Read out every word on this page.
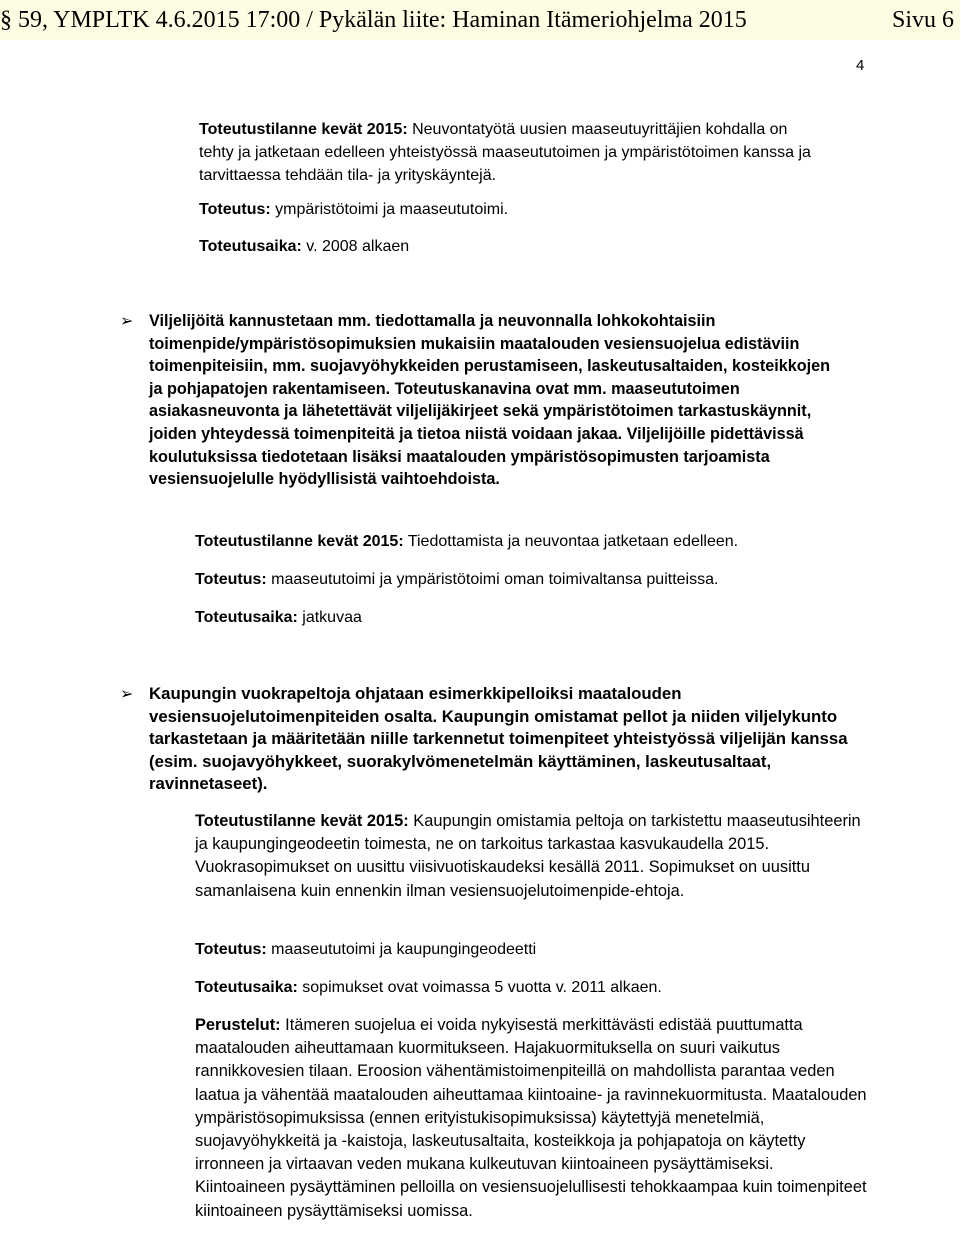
§ 59, YMPLTK 4.6.2015 17:00 / Pykälän liite: Haminan Itämeriohjelma 2015	Sivu 6
4

Toteutustilanne kevät 2015: Neuvontatyötä uusien maaseutuyrittäjien kohdalla on tehty ja jatketaan edelleen yhteistyössä maaseututoimen ja ympäristötoimen kanssa ja tarvittaessa tehdään tila- ja yrityskäyntejä.

Toteutus: ympäristötoimi ja maaseututoimi.

Toteutusaika: v. 2008 alkaen

➢ Viljelijöitä kannustetaan mm. tiedottamalla ja neuvonnalla lohkokohtaisiin toimenpide/ympäristösopimuksien mukaisiin maatalouden vesiensuojelua edistäviin toimenpiteisiin, mm. suojavyöhykkeiden perustamiseen, laskeutusaltaiden, kosteikkojen ja pohjapatojen rakentamiseen. Toteutuskanavina ovat mm. maaseututoimen asiakasneuvonta ja lähetettävät viljelijäkirjeet sekä ympäristötoimen tarkastuskäynnit, joiden yhteydessä toimenpiteitä ja tietoa niistä voidaan jakaa. Viljelijöille pidettävissä koulutuksissa tiedotetaan lisäksi maatalouden ympäristösopimusten tarjoamista vesiensuojelulle hyödyllisistä vaihtoehdoista.

Toteutustilanne kevät 2015: Tiedottamista ja neuvontaa jatketaan edelleen.

Toteutus: maaseututoimi ja ympäristötoimi oman toimivaltansa puitteissa.

Toteutusaika: jatkuvaa

➢ Kaupungin vuokrapeltoja ohjataan esimerkkipelloiksi maatalouden vesiensuojelutoimenpiteiden osalta. Kaupungin omistamat pellot ja niiden viljelykunto tarkastetaan ja määritetään niille tarkennetut toimenpiteet yhteistyössä viljelijän kanssa (esim. suojavyöhykkeet, suorakylvömenetelmän käyttäminen, laskeutusaltaat, ravinnetaseet).

Toteutustilanne kevät 2015: Kaupungin omistamia peltoja on tarkistettu maaseutusihteerin ja kaupungingeodeetin toimesta, ne on tarkoitus tarkastaa kasvukaudella 2015. Vuokrasopimukset on uusittu viisivuotiskaudeksi kesällä 2011. Sopimukset on uusittu samanlaisena kuin ennenkin ilman vesiensuojelutoimenpide-ehtoja.

Toteutus: maaseututoimi ja kaupungingeodeetti

Toteutusaika: sopimukset ovat voimassa 5 vuotta v. 2011 alkaen.

Perustelut: Itämeren suojelua ei voida nykyisestä merkittävästi edistää puuttumatta maatalouden aiheuttamaan kuormitukseen. Hajakuormituksella on suuri vaikutus rannikkovesien tilaan. Eroosion vähentämistoimenpiteillä on mahdollista parantaa veden laatua ja vähentää maatalouden aiheuttamaa kiintoaine- ja ravinnekuormitusta. Maatalouden ympäristösopimuksissa (ennen erityistukisopimuksissa) käytettyjä menetelmiä, suojavyöhykkeitä ja -kaistoja, laskeutusaltaita, kosteikkoja ja pohjapatoja on käytetty irronneen ja virtaavan veden mukana kulkeutuvan kiintoaineen pysäyttämiseksi. Kiintoaineen pysäyttäminen pelloilla on vesiensuojelullisesti tehokkaampaa kuin toimenpiteet kiintoaineen pysäyttämiseksi uomissa.
